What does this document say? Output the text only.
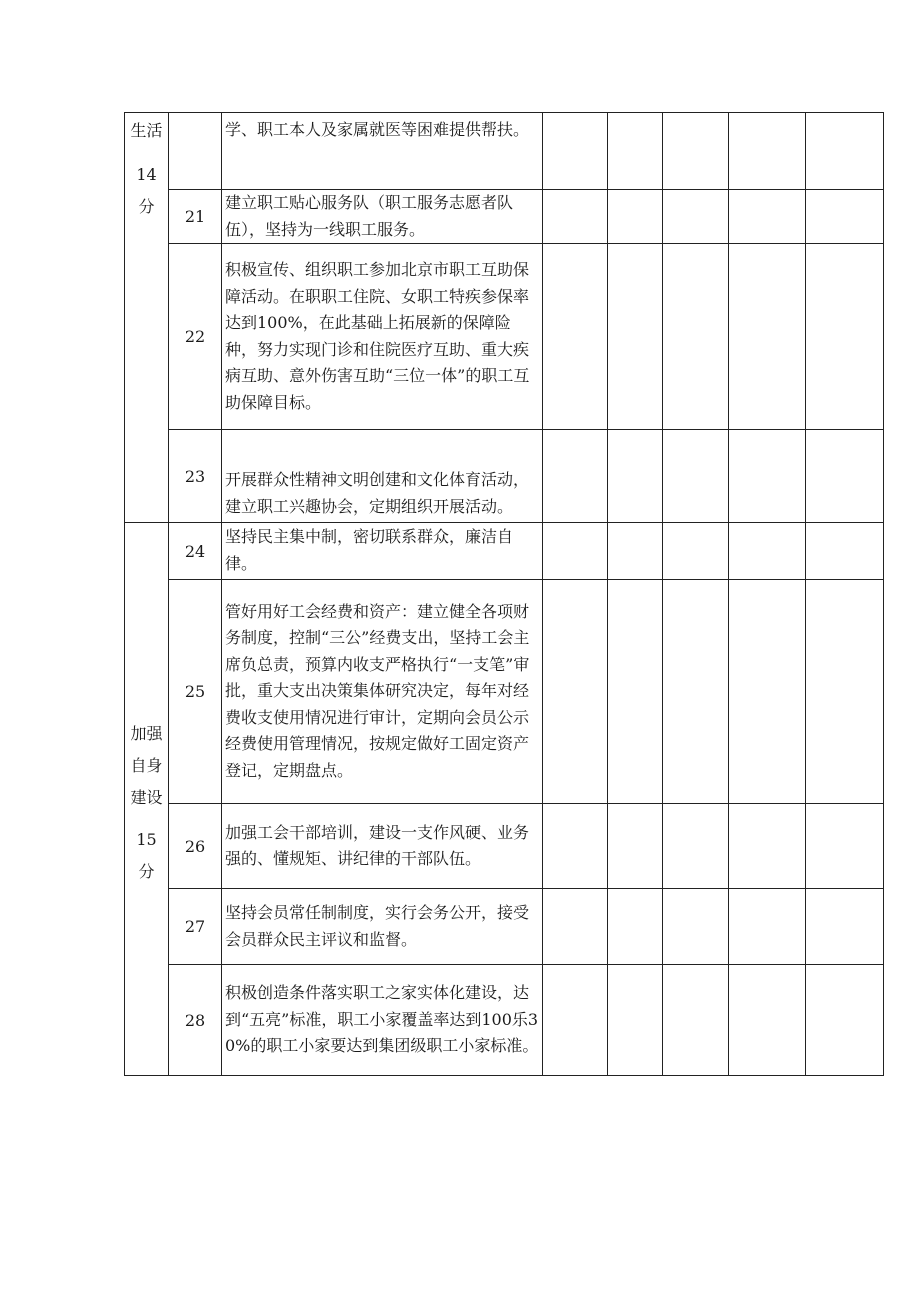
生活
14分		学、职工本人及家属就医等困难提供帮扶。					
	21	建立职工贴心服务队（职工服务志愿者队伍），坚持为一线职工服务。					
	22	积极宣传、组织职工参加北京市职工互助保障活动。在职职工住院、女职工特疾参保率达到100%，在此基础上拓展新的保障险种，努力实现门诊和住院医疗互助、重大疾病互助、意外伤害互助“三位一体”的职工互助保障目标。					
	23	开展群众性精神文明创建和文化体育活动，建立职工兴趣协会，定期组织开展活动。					

加强自身建设
15分	24	坚持民主集中制，密切联系群众，廉洁自律。					
	25	管好用好工会经费和资产：建立健全各项财务制度，控制“三公”经费支出，坚持工会主席负总责，预算内收支严格执行“一支笔”审批，重大支出决策集体研究决定，每年对经费收支使用情况进行审计，定期向会员公示经费使用管理情况，按规定做好工固定资产登记，定期盘点。					
	26	加强工会干部培训，建设一支作风硬、业务强的、懂规矩、讲纪律的干部队伍。					
	27	坚持会员常任制制度，实行会务公开，接受会员群众民主评议和监督。					
	28	积极创造条件落实职工之家实体化建设，达到“五亮”标准，职工小家覆盖率达到100乐30%的职工小家要达到集团级职工小家标准。					
